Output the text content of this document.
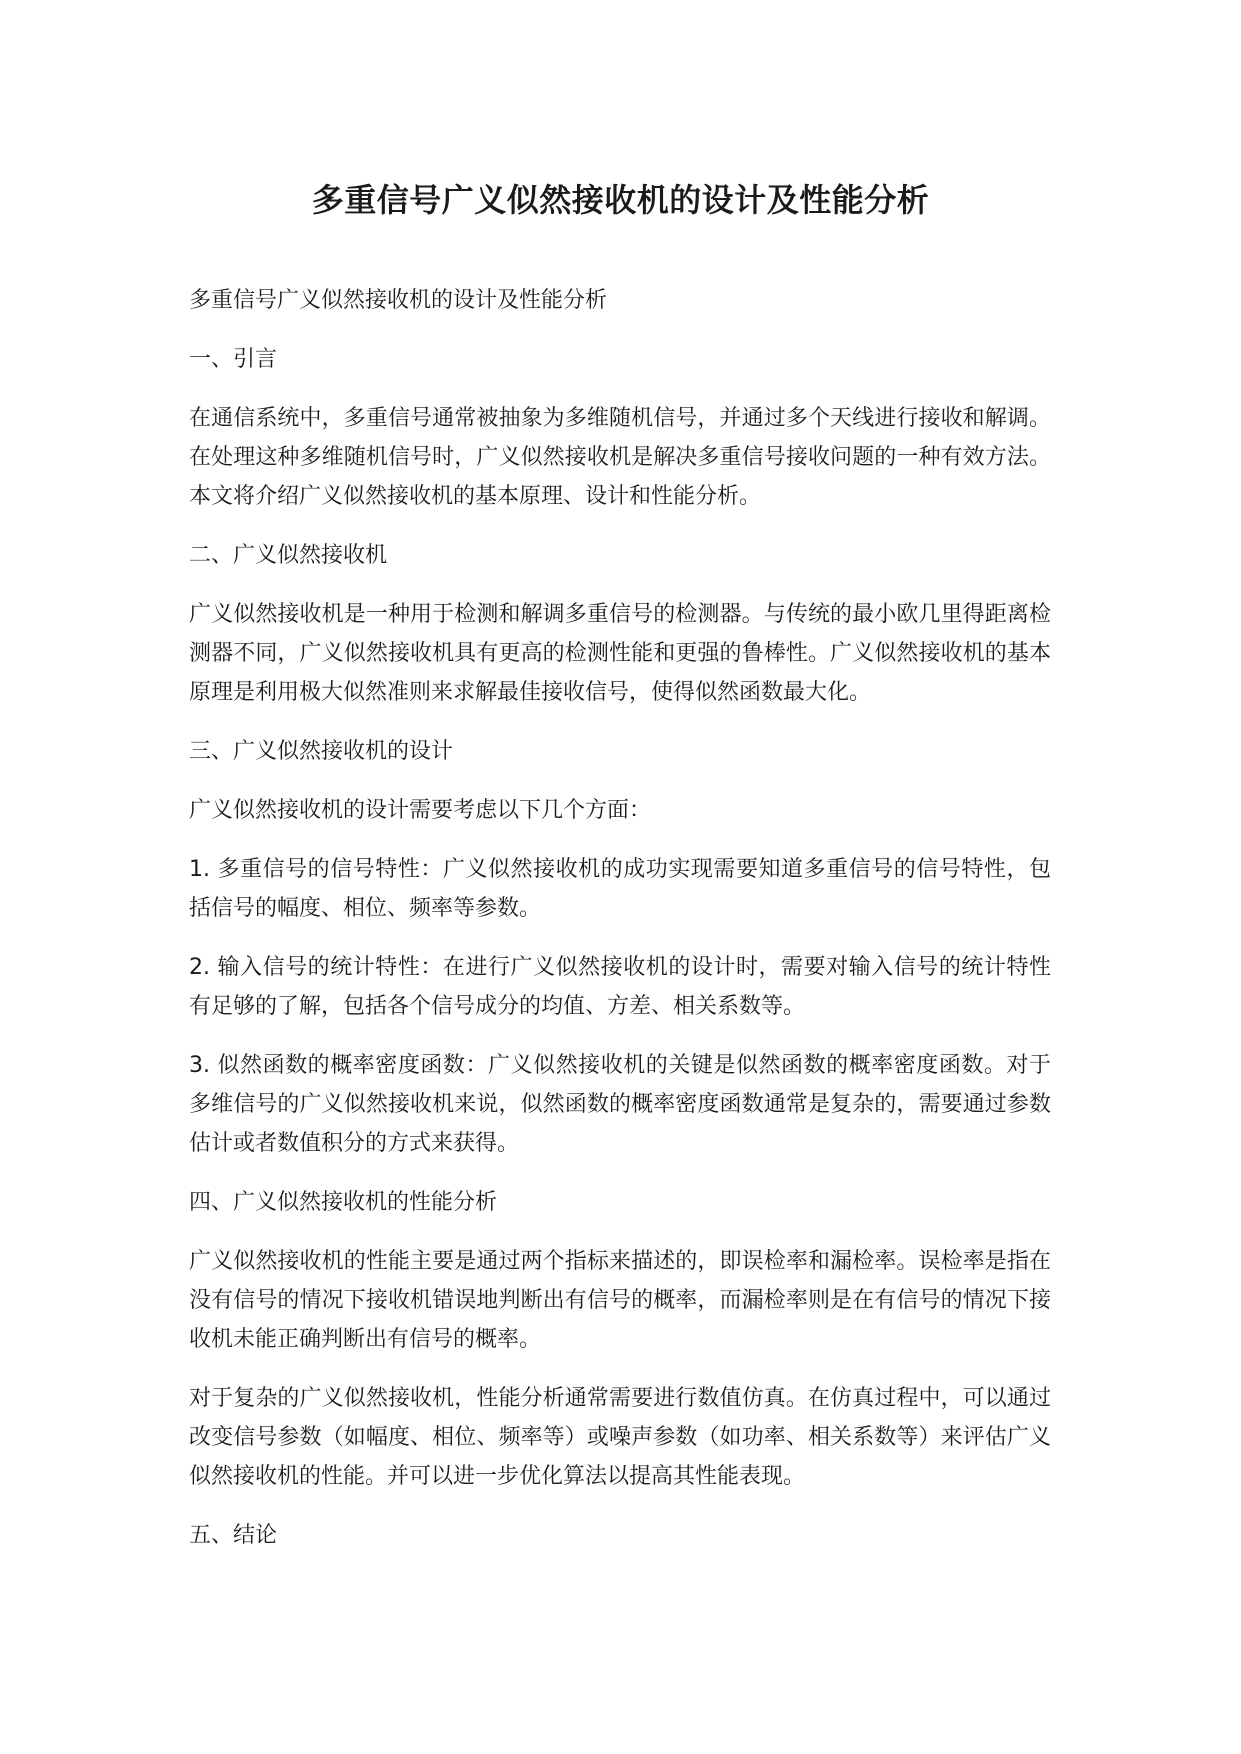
多重信号广义似然接收机的设计及性能分析

多重信号广义似然接收机的设计及性能分析

一、引言

在通信系统中，多重信号通常被抽象为多维随机信号，并通过多个天线进行接收和解调。在处理这种多维随机信号时，广义似然接收机是解决多重信号接收问题的一种有效方法。本文将介绍广义似然接收机的基本原理、设计和性能分析。

二、广义似然接收机

广义似然接收机是一种用于检测和解调多重信号的检测器。与传统的最小欧几里得距离检测器不同，广义似然接收机具有更高的检测性能和更强的鲁棒性。广义似然接收机的基本原理是利用极大似然准则来求解最佳接收信号，使得似然函数最大化。

三、广义似然接收机的设计

广义似然接收机的设计需要考虑以下几个方面：

1. 多重信号的信号特性：广义似然接收机的成功实现需要知道多重信号的信号特性，包括信号的幅度、相位、频率等参数。

2. 输入信号的统计特性：在进行广义似然接收机的设计时，需要对输入信号的统计特性有足够的了解，包括各个信号成分的均值、方差、相关系数等。

3. 似然函数的概率密度函数：广义似然接收机的关键是似然函数的概率密度函数。对于多维信号的广义似然接收机来说，似然函数的概率密度函数通常是复杂的，需要通过参数估计或者数值积分的方式来获得。

四、广义似然接收机的性能分析

广义似然接收机的性能主要是通过两个指标来描述的，即误检率和漏检率。误检率是指在没有信号的情况下接收机错误地判断出有信号的概率，而漏检率则是在有信号的情况下接收机未能正确判断出有信号的概率。

对于复杂的广义似然接收机，性能分析通常需要进行数值仿真。在仿真过程中，可以通过改变信号参数（如幅度、相位、频率等）或噪声参数（如功率、相关系数等）来评估广义似然接收机的性能。并可以进一步优化算法以提高其性能表现。

五、结论
